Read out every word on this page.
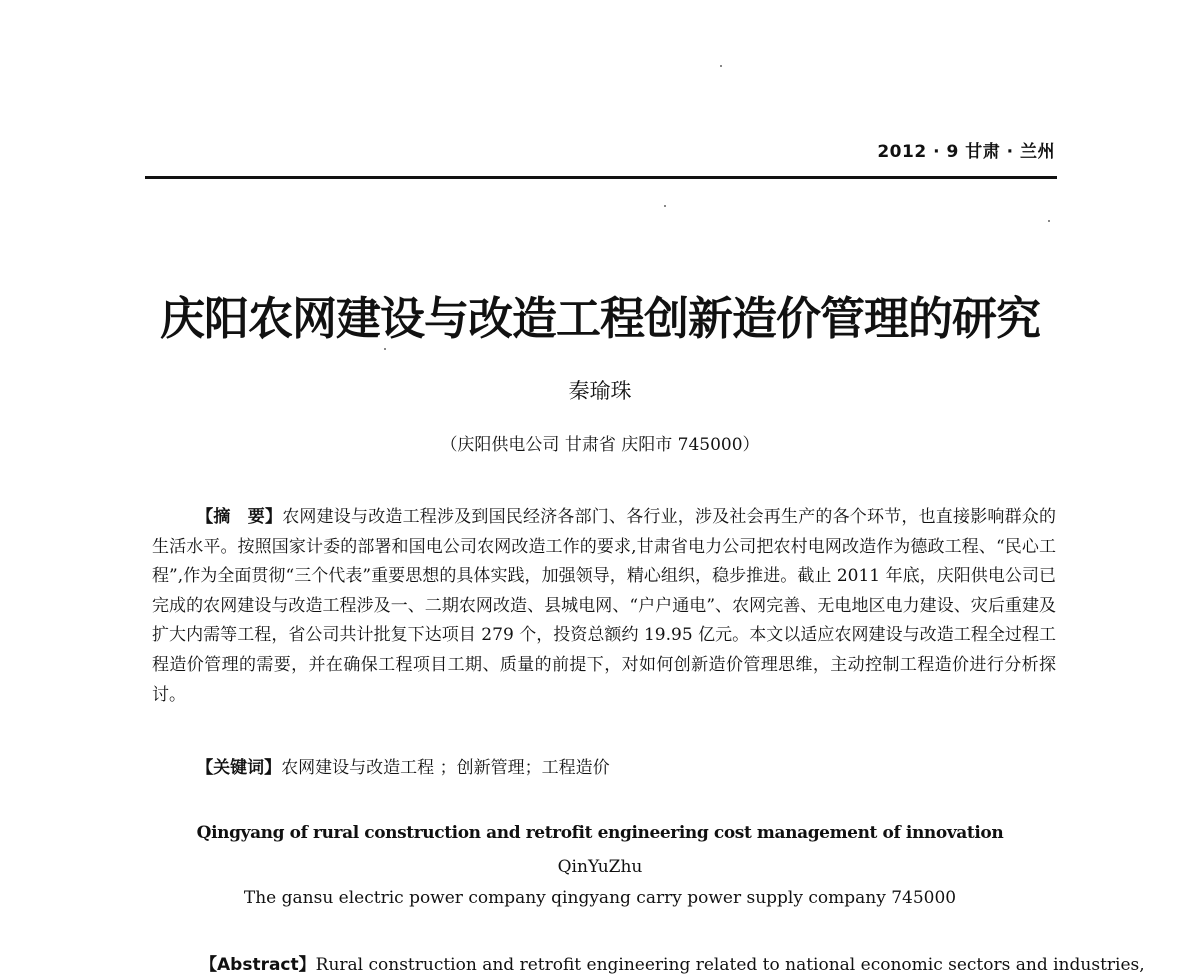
2012 · 9 甘肃 · 兰州
庆阳农网建设与改造工程创新造价管理的研究
秦瑜珠
（庆阳供电公司 甘肃省 庆阳市 745000）

【摘　要】农网建设与改造工程涉及到国民经济各部门、各行业，涉及社会再生产的各个环节，也直接影响群众的生活水平。按照国家计委的部署和国电公司农网改造工作的要求,甘肃省电力公司把农村电网改造作为德政工程、“民心工程”,作为全面贯彻“三个代表”重要思想的具体实践，加强领导，精心组织，稳步推进。截止 2011 年底，庆阳供电公司已完成的农网建设与改造工程涉及一、二期农网改造、县城电网、“户户通电”、农网完善、无电地区电力建设、灾后重建及扩大内需等工程，省公司共计批复下达项目 279 个，投资总额约 19.95 亿元。本文以适应农网建设与改造工程全过程工程造价管理的需要，并在确保工程项目工期、质量的前提下，对如何创新造价管理思维，主动控制工程造价进行分析探讨。

【关键词】农网建设与改造工程 ；创新管理；工程造价

Qingyang of rural construction and retrofit engineering cost management of innovation
QinYuZhu
The gansu electric power company qingyang carry power supply company 745000
【Abstract】Rural construction and retrofit engineering related to national economic sectors and industries,
